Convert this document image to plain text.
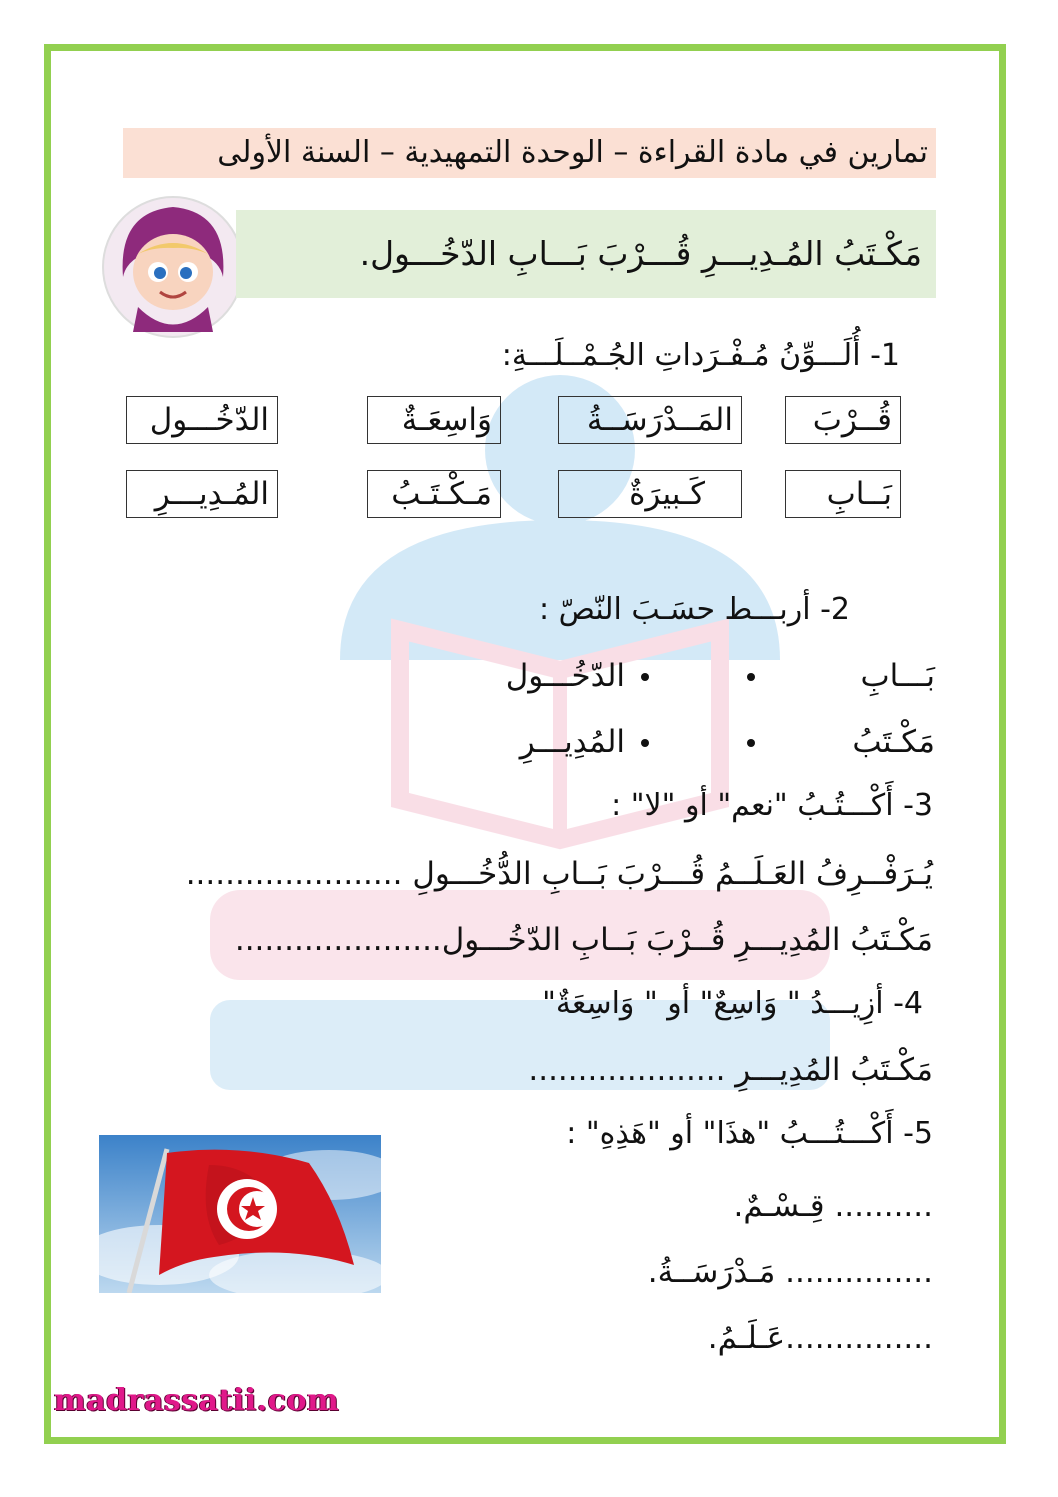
تمارين في مادة القراءة – الوحدة التمهيدية – السنة الأولى
مَكْـتَبُ المُـدِيـــرِ قُـــرْبَ بَـــابِ الدّخُـــول.
1- أُلَـــوِّنُ مُـفْـرَداتِ الجُـمْــلَـــةِ:
قُــرْبَ
المَــدْرَسَــةُ
وَاسِعَـةٌ
الدّخُـــول
بَــابِ
كَـبيرَةٌ
مَـكْـتَـبُ
المُـدِيـــرِ
2- أربـــط حسَـبَ النّصّ :
بَـــابِ
الدّخُـــول
مَكْـتَبُ
المُدِيـــرِ
3- أَكْـــتُـبُ "نعم" أو "لا" :
يُـرَفْــرِفُ العَـلَــمُ قُـــرْبَ بَــابِ الدُّخُـــولِ ......................
مَكْـتَبُ المُدِيـــرِ قُــرْبَ بَــابِ الدّخُـــول.....................
4- أزِيـــدُ " وَاسِعٌ" أو " وَاسِعَةٌ"
مَكْـتَبُ المُدِيـــرِ ....................
5- أَكْـــتُـــبُ "هذَا" أو "هَذِهِ" :
.......... قِـسْـمٌ.
............... مَـدْرَسَــةُ.
...............عَـلَـمُ.
madrassatii.com
